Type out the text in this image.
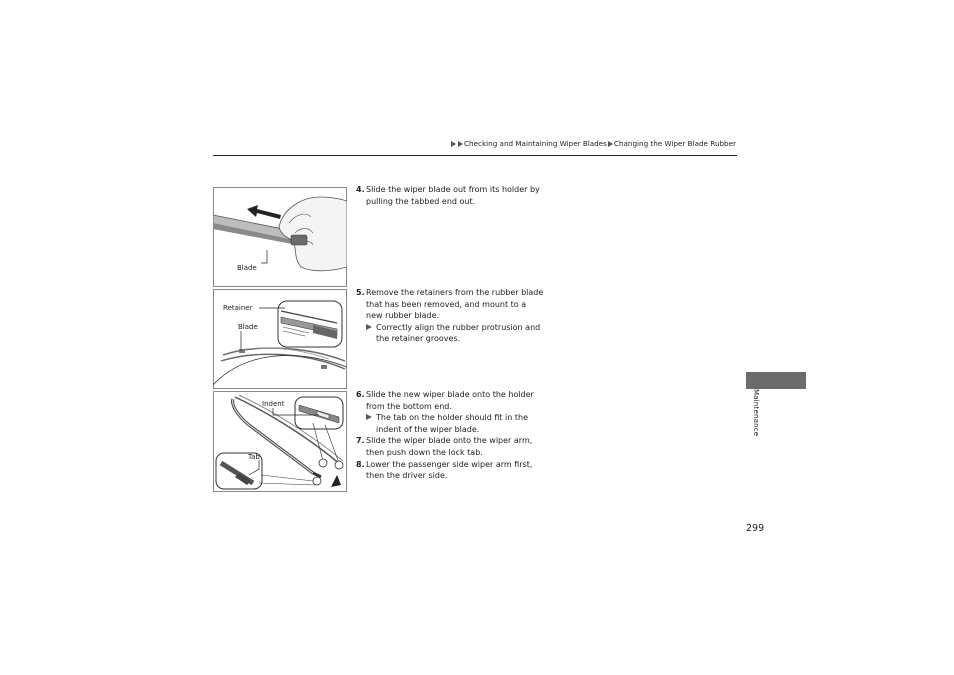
Checking and Maintaining Wiper Blades Changing the Wiper Blade Rubber
Blade
Retainer
Blade
Indent
Tab
4.Slide the wiper blade out from its holder by
pulling the tabbed end out.
5.Remove the retainers from the rubber blade
that has been removed, and mount to a
new rubber blade.
Correctly align the rubber protrusion and
the retainer grooves.
6.Slide the new wiper blade onto the holder
from the bottom end.
The tab on the holder should fit in the
indent of the wiper blade.
7.Slide the wiper blade onto the wiper arm,
then push down the lock tab.
8.Lower the passenger side wiper arm first,
then the driver side.
Maintenance
299
